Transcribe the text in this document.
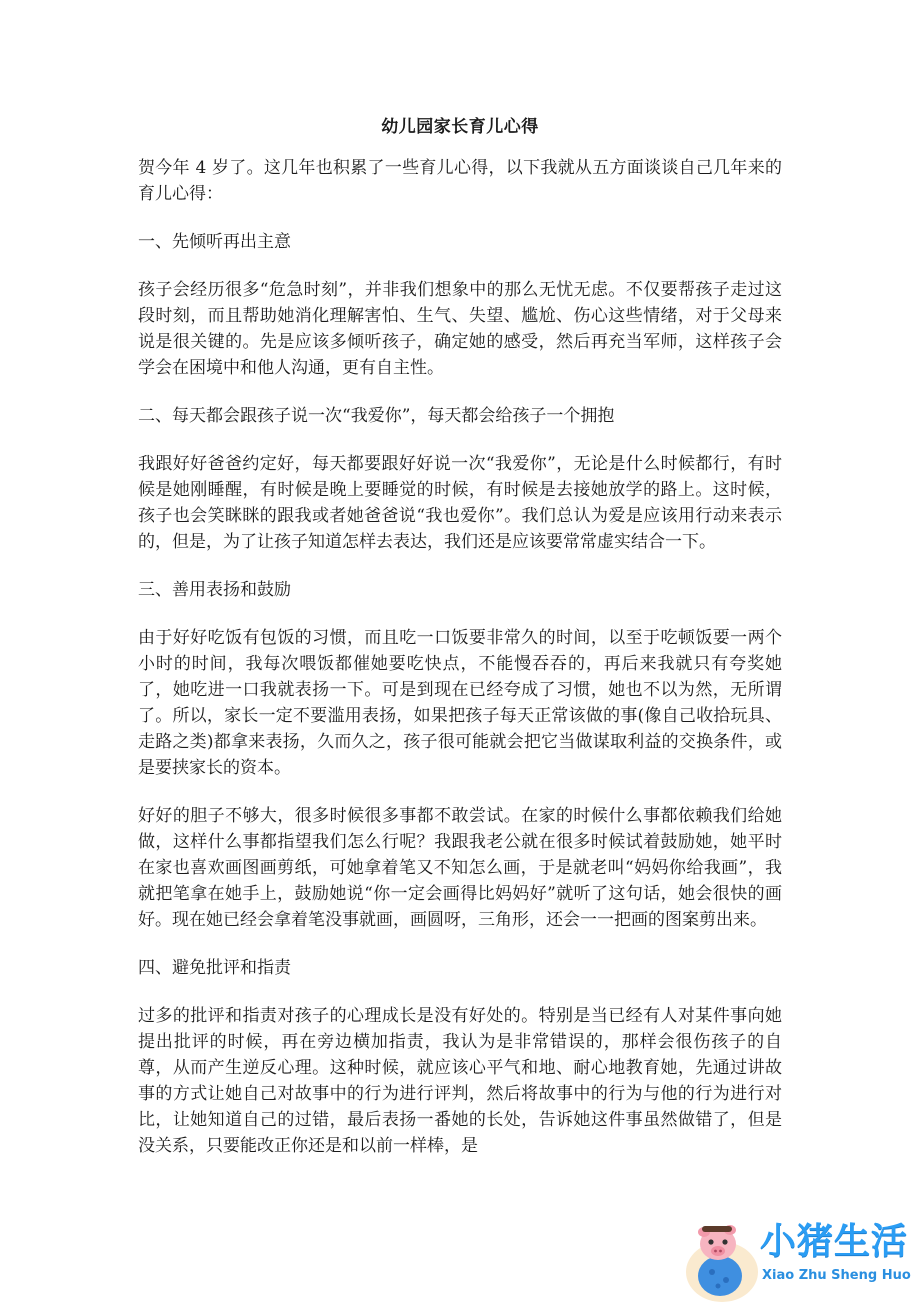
幼儿园家长育儿心得

贺今年 4 岁了。这几年也积累了一些育儿心得，以下我就从五方面谈谈自己几年来的育儿心得：

一、先倾听再出主意

孩子会经历很多“危急时刻”，并非我们想象中的那么无忧无虑。不仅要帮孩子走过这段时刻，而且帮助她消化理解害怕、生气、失望、尴尬、伤心这些情绪，对于父母来说是很关键的。先是应该多倾听孩子，确定她的感受，然后再充当军师，这样孩子会学会在困境中和他人沟通，更有自主性。

二、每天都会跟孩子说一次“我爱你”，每天都会给孩子一个拥抱

我跟好好爸爸约定好，每天都要跟好好说一次“我爱你”，无论是什么时候都行，有时候是她刚睡醒，有时候是晚上要睡觉的时候，有时候是去接她放学的路上。这时候，孩子也会笑眯眯的跟我或者她爸爸说“我也爱你”。我们总认为爱是应该用行动来表示的，但是，为了让孩子知道怎样去表达，我们还是应该要常常虚实结合一下。

三、善用表扬和鼓励

由于好好吃饭有包饭的习惯，而且吃一口饭要非常久的时间，以至于吃顿饭要一两个小时的时间，我每次喂饭都催她要吃快点，不能慢吞吞的，再后来我就只有夸奖她了，她吃进一口我就表扬一下。可是到现在已经夸成了习惯，她也不以为然，无所谓了。所以，家长一定不要滥用表扬，如果把孩子每天正常该做的事(像自己收拾玩具、走路之类)都拿来表扬，久而久之，孩子很可能就会把它当做谋取利益的交换条件，或是要挟家长的资本。

好好的胆子不够大，很多时候很多事都不敢尝试。在家的时候什么事都依赖我们给她做，这样什么事都指望我们怎么行呢？我跟我老公就在很多时候试着鼓励她，她平时在家也喜欢画图画剪纸，可她拿着笔又不知怎么画，于是就老叫“妈妈你给我画”，我就把笔拿在她手上，鼓励她说“你一定会画得比妈妈好”就听了这句话，她会很快的画好。现在她已经会拿着笔没事就画，画圆呀，三角形，还会一一把画的图案剪出来。

四、避免批评和指责

过多的批评和指责对孩子的心理成长是没有好处的。特别是当已经有人对某件事向她提出批评的时候，再在旁边横加指责，我认为是非常错误的，那样会很伤孩子的自尊，从而产生逆反心理。这种时候，就应该心平气和地、耐心地教育她，先通过讲故事的方式让她自己对故事中的行为进行评判，然后将故事中的行为与他的行为进行对比，让她知道自己的过错，最后表扬一番她的长处，告诉她这件事虽然做错了，但是没关系，只要能改正你还是和以前一样棒，是

小猪生活
Xiao Zhu Sheng Huo
